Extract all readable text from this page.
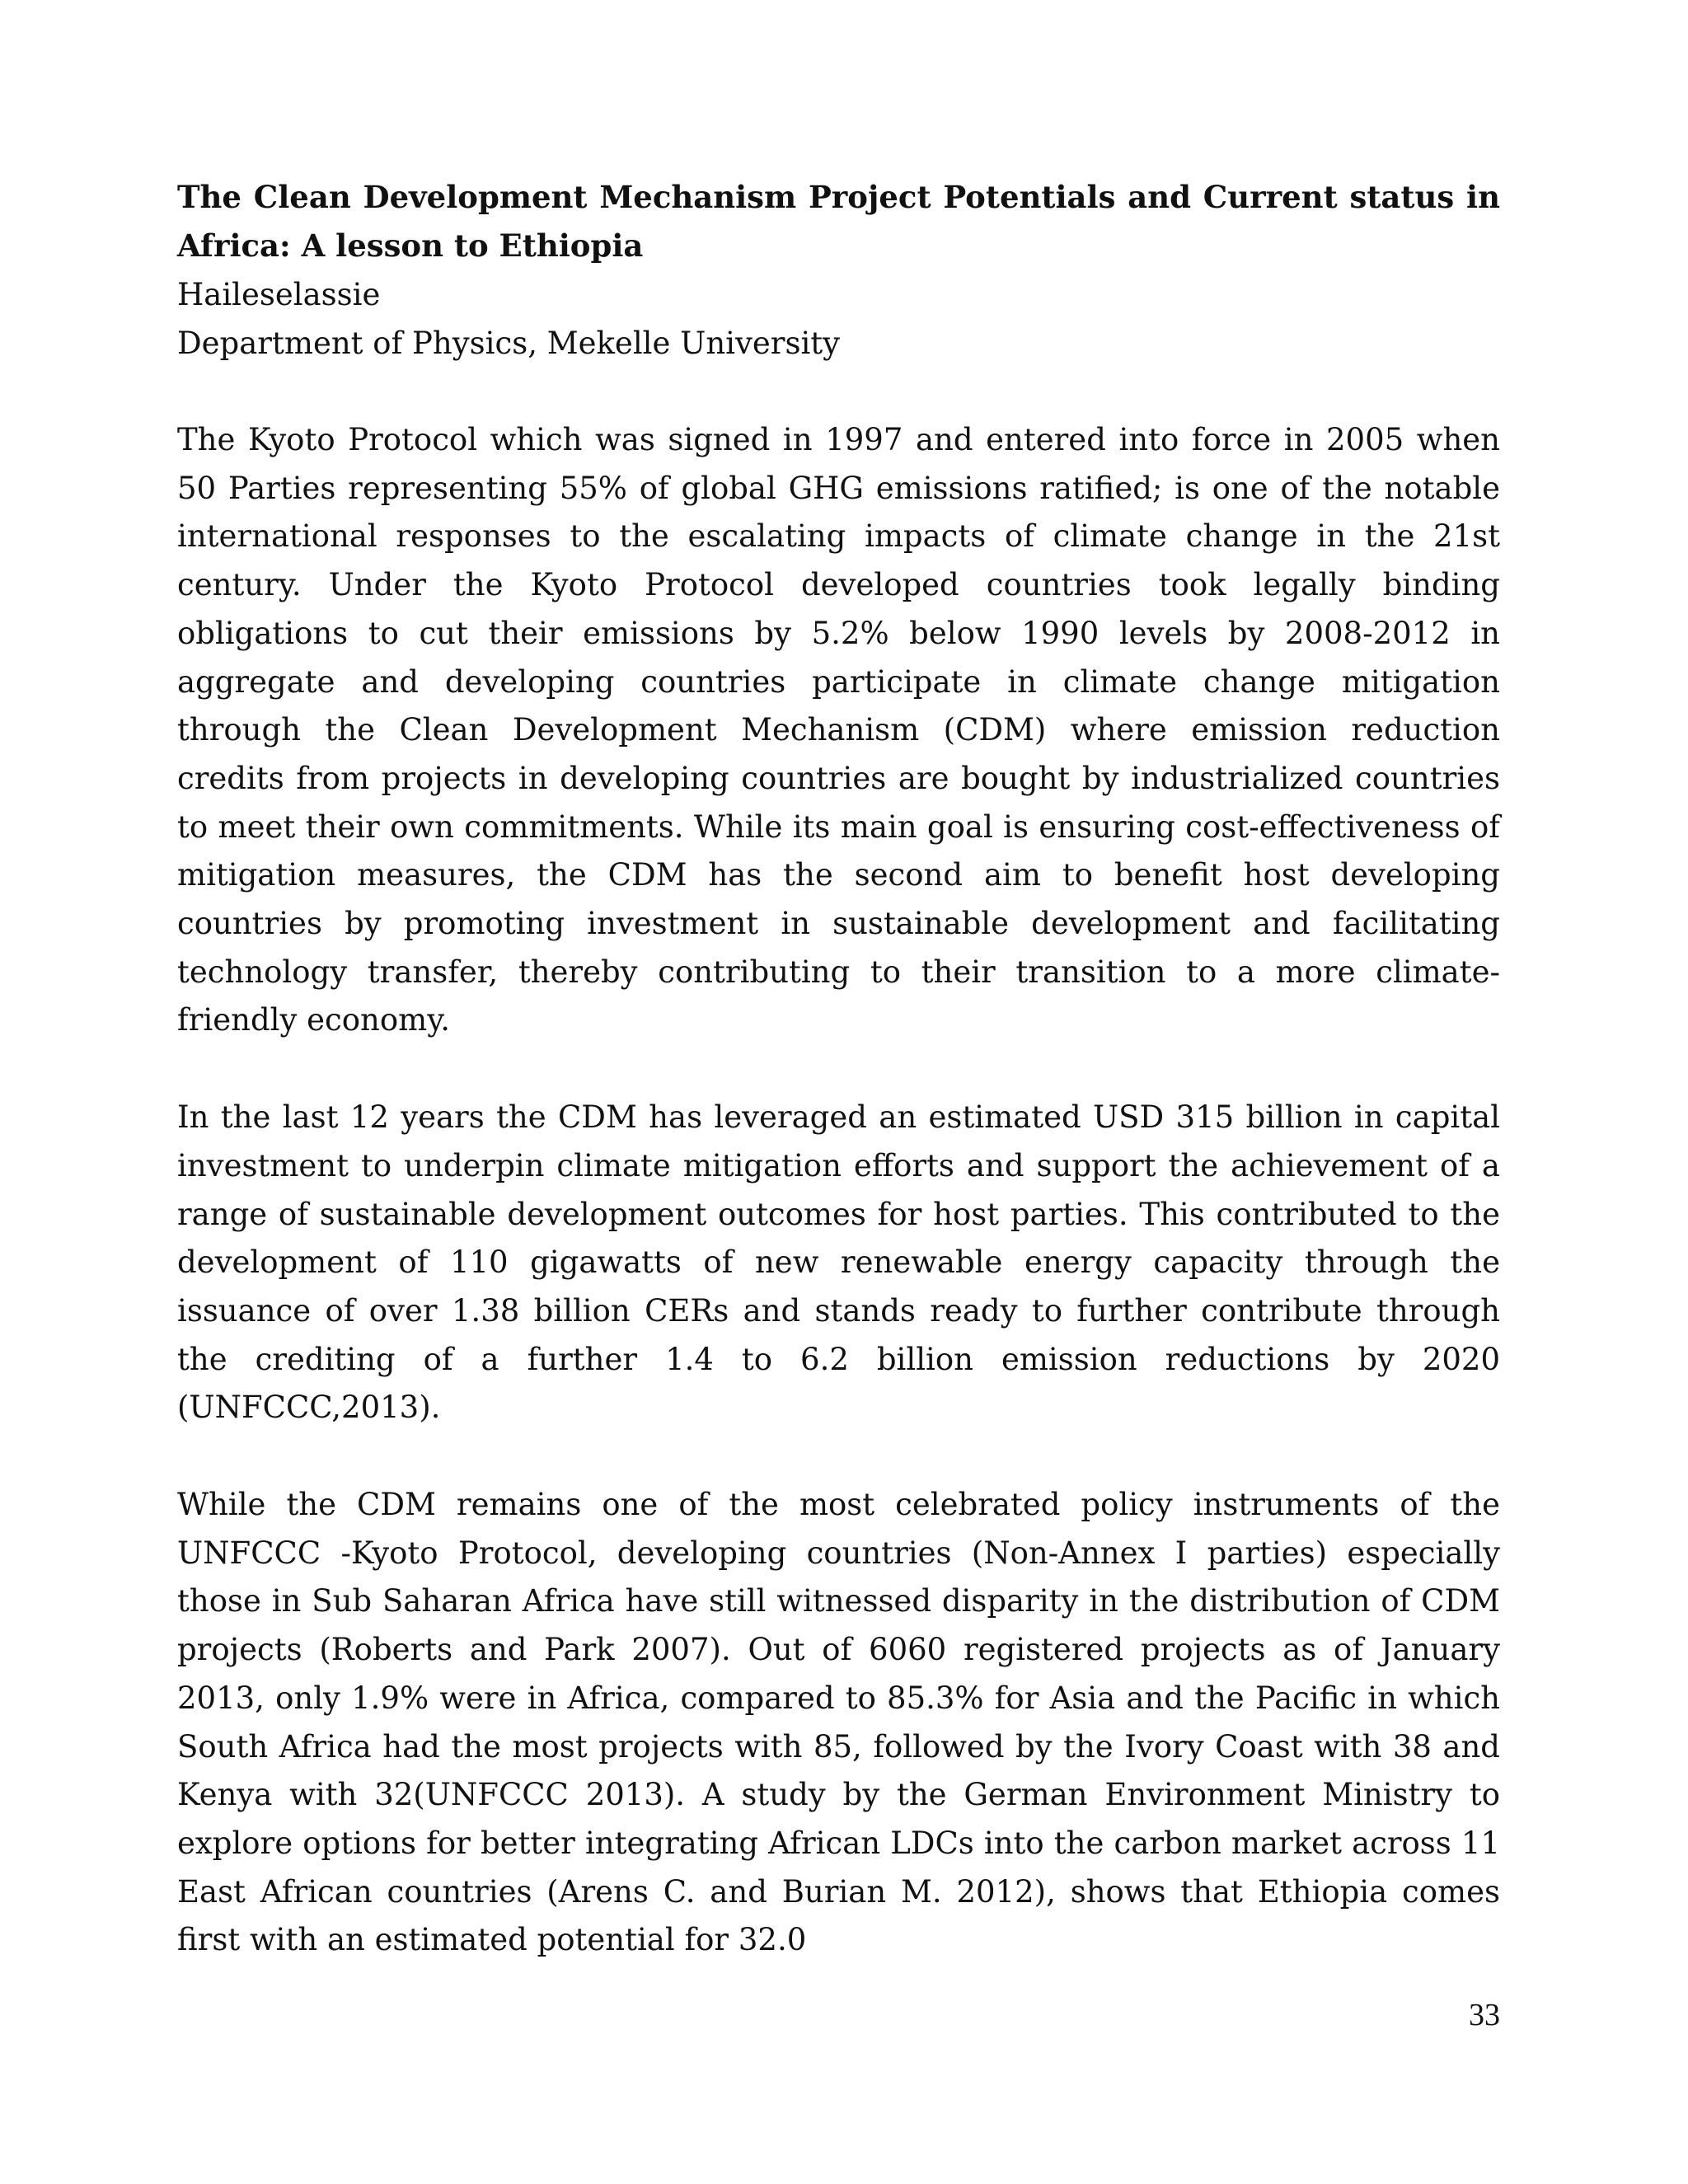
The Clean Development Mechanism Project Potentials and Current status in Africa: A lesson to Ethiopia

Haileselassie

Department of Physics, Mekelle University

The Kyoto Protocol which was signed in 1997 and entered into force in 2005 when 50 Parties representing 55% of global GHG emissions ratified; is one of the notable international responses to the escalating impacts of climate change in the 21st century. Under the Kyoto Protocol developed countries took legally binding obligations to cut their emissions by 5.2% below 1990 levels by 2008-2012 in aggregate and developing countries participate in climate change mitigation through the Clean Development Mechanism (CDM) where emission reduction credits from projects in developing countries are bought by industrialized countries to meet their own commitments. While its main goal is ensuring cost-effectiveness of mitigation measures, the CDM has the second aim to benefit host developing countries by promoting investment in sustainable development and facilitating technology transfer, thereby contributing to their transition to a more climate-friendly economy.

In the last 12 years the CDM has leveraged an estimated USD 315 billion in capital investment to underpin climate mitigation efforts and support the achievement of a range of sustainable development outcomes for host parties. This contributed to the development of 110 gigawatts of new renewable energy capacity through the issuance of over 1.38 billion CERs and stands ready to further contribute through the crediting of a further 1.4 to 6.2 billion emission reductions by 2020 (UNFCCC,2013).

While the CDM remains one of the most celebrated policy instruments of the UNFCCC -Kyoto Protocol, developing countries (Non-Annex I parties) especially those in Sub Saharan Africa have still witnessed disparity in the distribution of CDM projects (Roberts and Park 2007). Out of 6060 registered projects as of January 2013, only 1.9% were in Africa, compared to 85.3% for Asia and the Pacific in which South Africa had the most projects with 85, followed by the Ivory Coast with 38 and Kenya with 32(UNFCCC 2013). A study by the German Environment Ministry to explore options for better integrating African LDCs into the carbon market across 11 East African countries (Arens C. and Burian M. 2012), shows that Ethiopia comes first with an estimated potential for 32.0

33
